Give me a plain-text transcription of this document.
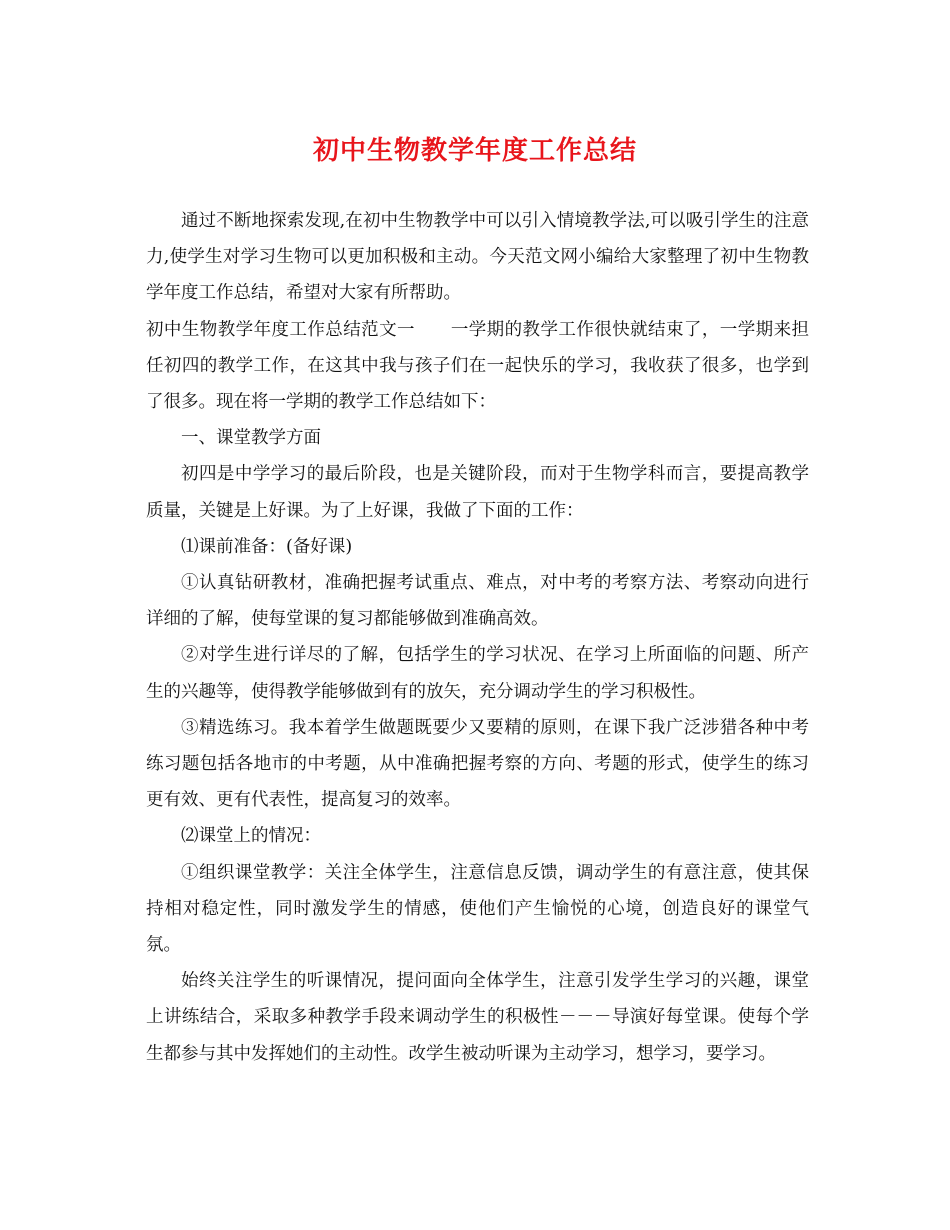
初中生物教学年度工作总结

通过不断地探索发现,在初中生物教学中可以引入情境教学法,可以吸引学生的注意力,使学生对学习生物可以更加积极和主动。今天范文网小编给大家整理了初中生物教学年度工作总结，希望对大家有所帮助。

初中生物教学年度工作总结范文一　　一学期的教学工作很快就结束了，一学期来担任初四的教学工作，在这其中我与孩子们在一起快乐的学习，我收获了很多，也学到了很多。现在将一学期的教学工作总结如下：

一、课堂教学方面

初四是中学学习的最后阶段，也是关键阶段，而对于生物学科而言，要提高教学质量，关键是上好课。为了上好课，我做了下面的工作：

⑴课前准备：(备好课)

①认真钻研教材，准确把握考试重点、难点，对中考的考察方法、考察动向进行详细的了解，使每堂课的复习都能够做到准确高效。

②对学生进行详尽的了解，包括学生的学习状况、在学习上所面临的问题、所产生的兴趣等，使得教学能够做到有的放矢，充分调动学生的学习积极性。

③精选练习。我本着学生做题既要少又要精的原则，在课下我广泛涉猎各种中考练习题包括各地市的中考题，从中准确把握考察的方向、考题的形式，使学生的练习更有效、更有代表性，提高复习的效率。

⑵课堂上的情况：

①组织课堂教学：关注全体学生，注意信息反馈，调动学生的有意注意，使其保持相对稳定性，同时激发学生的情感，使他们产生愉悦的心境，创造良好的课堂气氛。

始终关注学生的听课情况，提问面向全体学生，注意引发学生学习的兴趣，课堂上讲练结合，采取多种教学手段来调动学生的积极性－－－导演好每堂课。使每个学生都参与其中发挥她们的主动性。改学生被动听课为主动学习，想学习，要学习。
